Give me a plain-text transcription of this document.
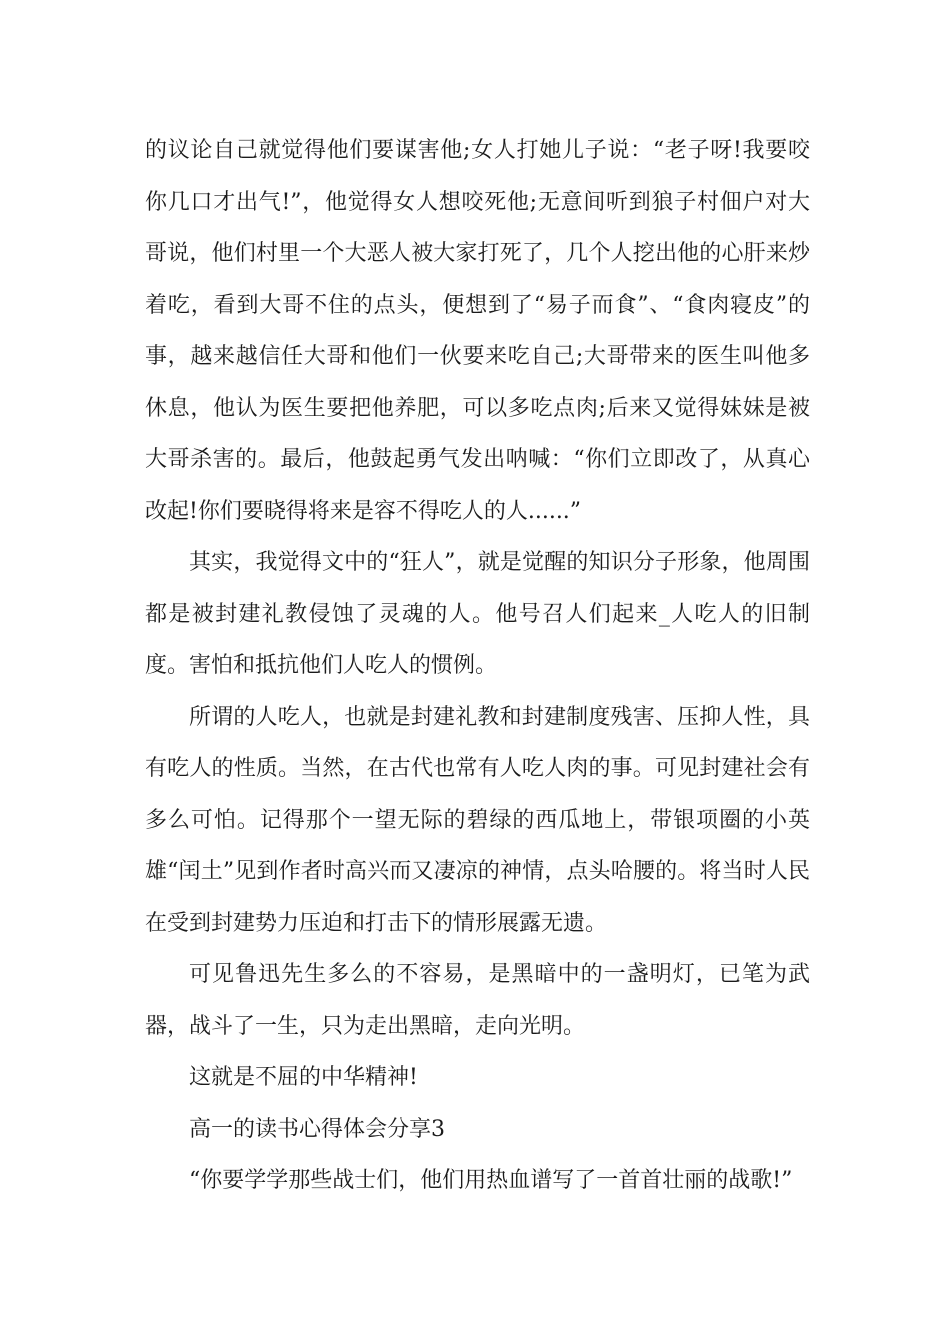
的议论自己就觉得他们要谋害他;女人打她儿子说：“老子呀!我要咬你几口才出气!”，他觉得女人想咬死他;无意间听到狼子村佃户对大哥说，他们村里一个大恶人被大家打死了，几个人挖出他的心肝来炒着吃，看到大哥不住的点头，便想到了“易子而食”、“食肉寝皮”的事，越来越信任大哥和他们一伙要来吃自己;大哥带来的医生叫他多休息，他认为医生要把他养肥，可以多吃点肉;后来又觉得妹妹是被大哥杀害的。最后，他鼓起勇气发出呐喊：“你们立即改了，从真心改起!你们要晓得将来是容不得吃人的人......”

其实，我觉得文中的“狂人”，就是觉醒的知识分子形象，他周围都是被封建礼教侵蚀了灵魂的人。他号召人们起来_人吃人的旧制度。害怕和抵抗他们人吃人的惯例。

所谓的人吃人，也就是封建礼教和封建制度残害、压抑人性，具有吃人的性质。当然，在古代也常有人吃人肉的事。可见封建社会有多么可怕。记得那个一望无际的碧绿的西瓜地上，带银项圈的小英雄“闰土”见到作者时高兴而又凄凉的神情，点头哈腰的。将当时人民在受到封建势力压迫和打击下的情形展露无遗。

可见鲁迅先生多么的不容易，是黑暗中的一盏明灯，已笔为武器，战斗了一生，只为走出黑暗，走向光明。

这就是不屈的中华精神!

高一的读书心得体会分享3

“你要学学那些战士们，他们用热血谱写了一首首壮丽的战歌!”
